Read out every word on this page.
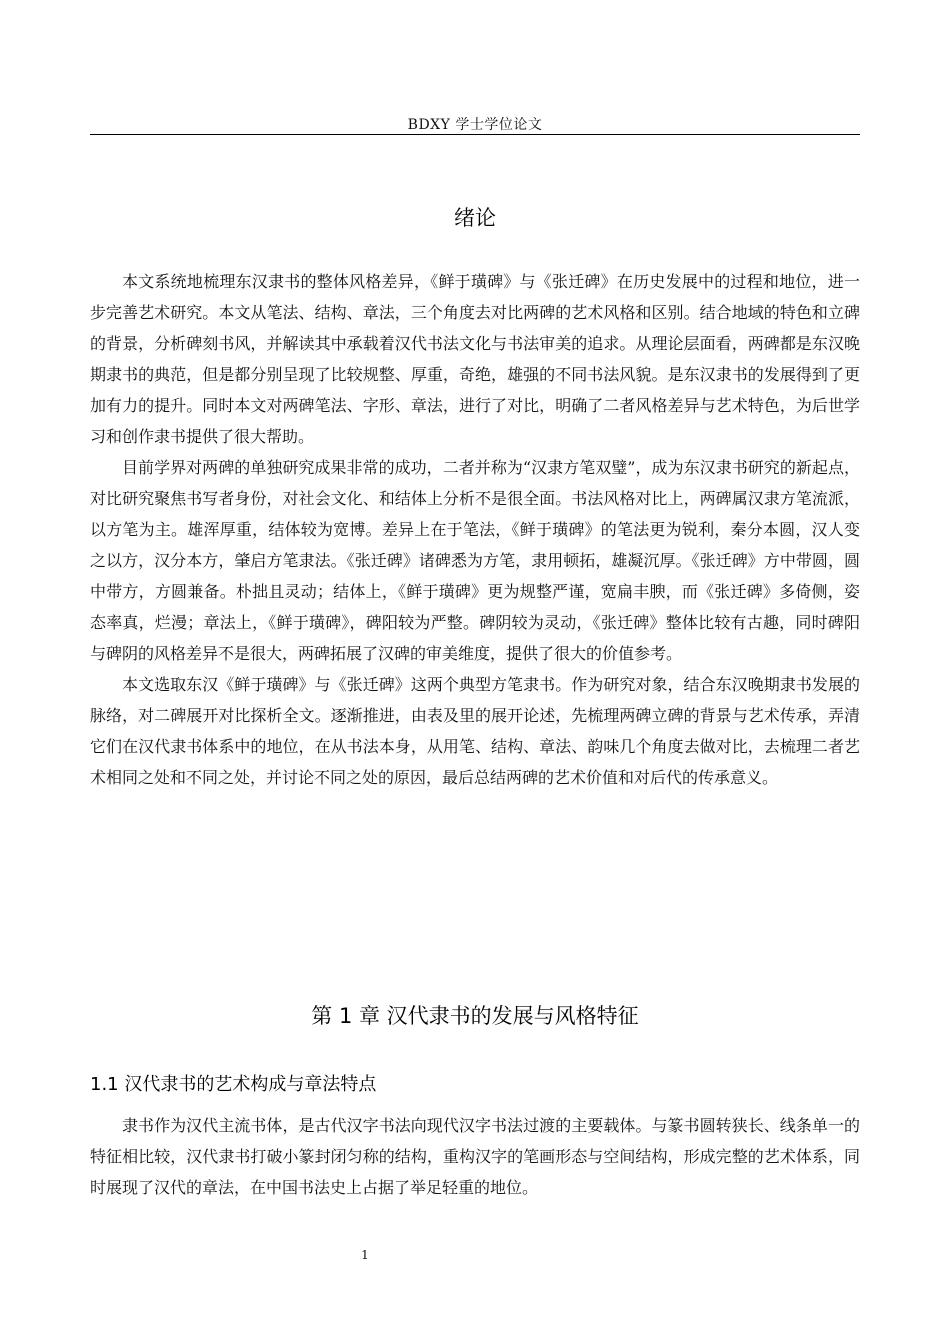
BDXY 学士学位论文
绪论

本文系统地梳理东汉隶书的整体风格差异，《鲜于璜碑》与《张迁碑》在历史发展中的过程和地位，进一步完善艺术研究。本文从笔法、结构、章法，三个角度去对比两碑的艺术风格和区别。结合地域的特色和立碑的背景，分析碑刻书风，并解读其中承载着汉代书法文化与书法审美的追求。从理论层面看，两碑都是东汉晚期隶书的典范，但是都分别呈现了比较规整、厚重，奇绝，雄强的不同书法风貌。是东汉隶书的发展得到了更加有力的提升。同时本文对两碑笔法、字形、章法，进行了对比，明确了二者风格差异与艺术特色，为后世学习和创作隶书提供了很大帮助。

目前学界对两碑的单独研究成果非常的成功，二者并称为“汉隶方笔双璧”，成为东汉隶书研究的新起点，对比研究聚焦书写者身份，对社会文化、和结体上分析不是很全面。书法风格对比上，两碑属汉隶方笔流派，以方笔为主。雄浑厚重，结体较为宽博。差异上在于笔法，《鲜于璜碑》的笔法更为锐利，秦分本圆，汉人变之以方，汉分本方，肇启方笔隶法。《张迁碑》诸碑悉为方笔，隶用顿拓，雄凝沉厚。《张迁碑》方中带圆，圆中带方，方圆兼备。朴拙且灵动；结体上，《鲜于璜碑》更为规整严谨，宽扁丰腴，而《张迁碑》多倚侧，姿态率真，烂漫；章法上，《鲜于璜碑》，碑阳较为严整。碑阴较为灵动，《张迁碑》整体比较有古趣，同时碑阳与碑阴的风格差异不是很大，两碑拓展了汉碑的审美维度，提供了很大的价值参考。

本文选取东汉《鲜于璜碑》与《张迁碑》这两个典型方笔隶书。作为研究对象，结合东汉晚期隶书发展的脉络，对二碑展开对比探析全文。逐渐推进，由表及里的展开论述，先梳理两碑立碑的背景与艺术传承，弄清它们在汉代隶书体系中的地位，在从书法本身，从用笔、结构、章法、韵味几个角度去做对比，去梳理二者艺术相同之处和不同之处，并讨论不同之处的原因，最后总结两碑的艺术价值和对后代的传承意义。

第 1 章 汉代隶书的发展与风格特征
1.1 汉代隶书的艺术构成与章法特点

隶书作为汉代主流书体，是古代汉字书法向现代汉字书法过渡的主要载体。与篆书圆转狭长、线条单一的特征相比较，汉代隶书打破小篆封闭匀称的结构，重构汉字的笔画形态与空间结构，形成完整的艺术体系，同时展现了汉代的章法，在中国书法史上占据了举足轻重的地位。

1
